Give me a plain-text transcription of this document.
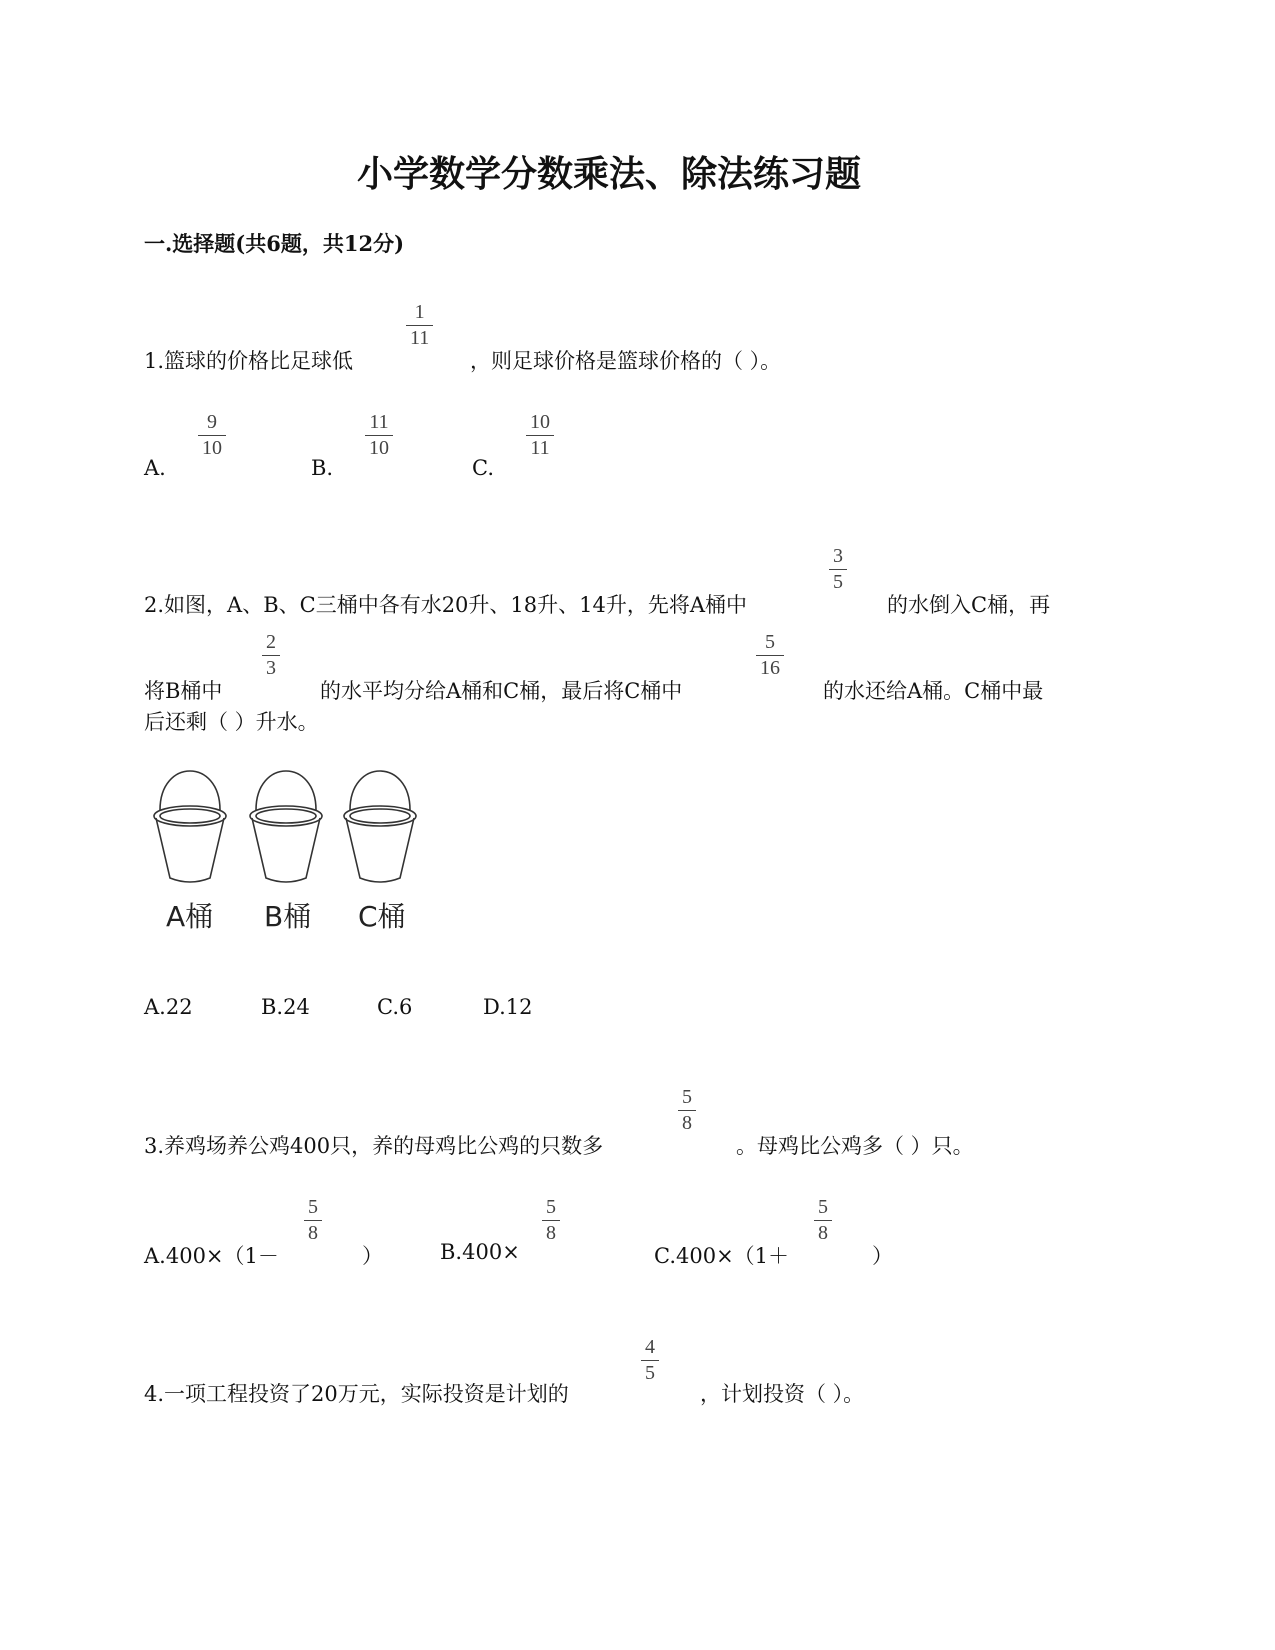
小学数学分数乘法、除法练习题
一.选择题(共6题，共12分)
1.篮球的价格比足球低
1
11
，则足球价格是篮球价格的（ ）。
A.
9
10
B.
11
10
C.
10
11
2.如图，A、B、C三桶中各有水20升、18升、14升，先将A桶中
3
5
的水倒入C桶，再
将B桶中
2
3
的水平均分给A桶和C桶，最后将C桶中
5
16
的水还给A桶。C桶中最
后还剩（ ）升水。
A桶 B桶 C桶
A.22	B.24	C.6	D.12
3.养鸡场养公鸡400只，养的母鸡比公鸡的只数多
5
8
。母鸡比公鸡多（ ）只。
A.400×（1－
5
8
）	B.400×
5
8
C.400×（1＋
5
8
）
4.一项工程投资了20万元，实际投资是计划的
4
5
，计划投资（ ）。
